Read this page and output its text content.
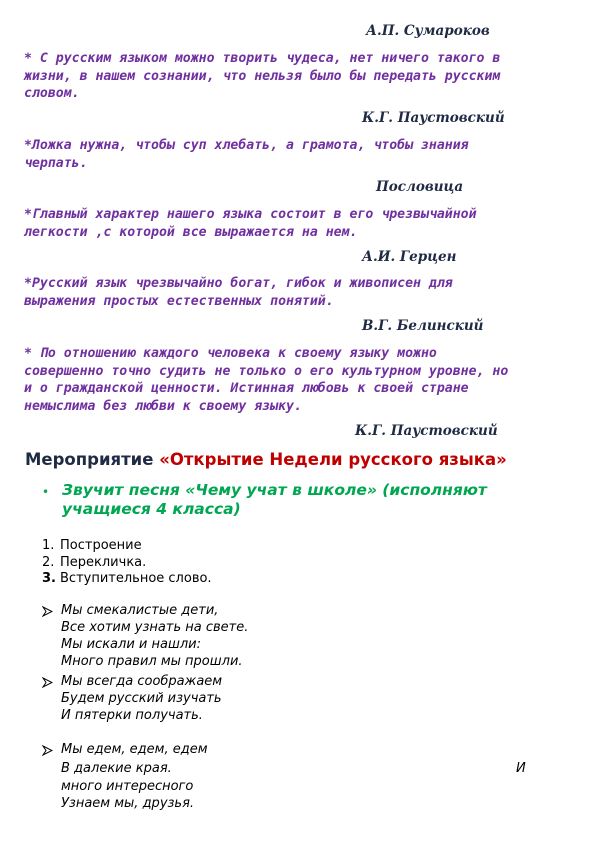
А.П. Сумароков
* С русским языком можно творить чудеса, нет ничего такого в
жизни, в нашем сознании, что нельзя было бы передать русским
словом.
К.Г. Паустовский
*Ложка нужна, чтобы суп хлебать, а грамота, чтобы знания
черпать.
Пословица
*Главный характер нашего языка состоит в его чрезвычайной
легкости ,с которой все выражается на нем.
А.И. Герцен
*Русский язык чрезвычайно богат, гибок и живописен для
выражения простых естественных понятий.
В.Г. Белинский
* По отношению каждого человека к своему языку можно
совершенно точно судить не только о его культурном уровне, но
и о гражданской ценности. Истинная любовь к своей стране
немыслима без любви к своему языку.
К.Г. Паустовский
Мероприятие «Открытие Недели русского языка»
• Звучит песня «Чему учат в школе» (исполняют
учащиеся 4 класса)
1. Построение
2. Перекличка.
3. Вступительное слово.
Мы смекалистые дети,
Все хотим узнать на свете.
Мы искали и нашли:
Много правил мы прошли.
Мы всегда соображаем
Будем русский изучать
И пятерки получать.
Мы едем, едем, едем
В далекие края.	И
много интересного
Узнаем мы, друзья.
